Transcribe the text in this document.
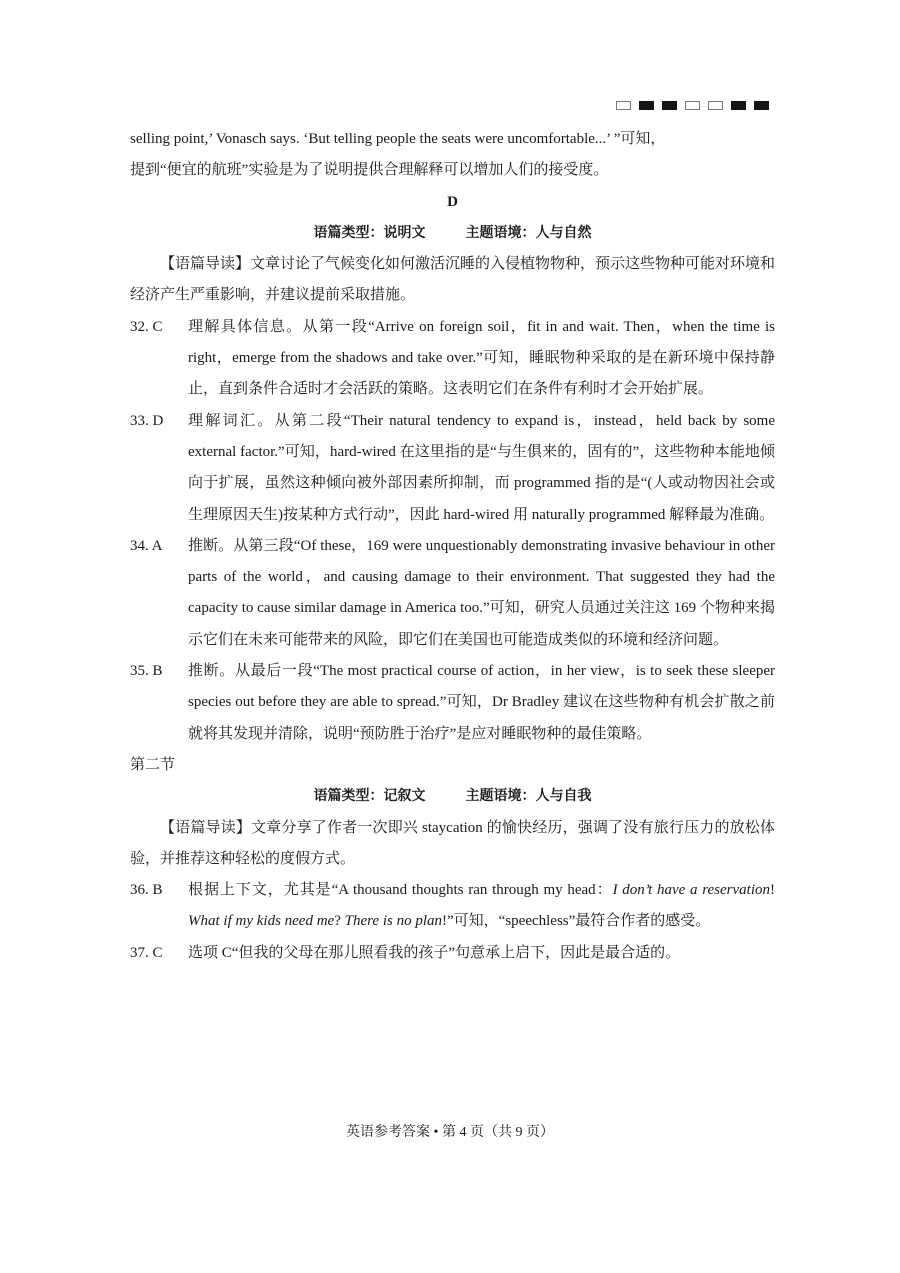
selling point,’ Vonasch says. ‘But telling people the seats were uncomfortable...’ ”可知，

提到“便宜的航班”实验是为了说明提供合理解释可以增加人们的接受度。

D

语篇类型：说明文	主题语境：人与自然

【语篇导读】文章讨论了气候变化如何激活沉睡的入侵植物物种，预示这些物种可能对环境和经济产生严重影响，并建议提前采取措施。

32. C	理解具体信息。从第一段“Arrive on foreign soil，fit in and wait. Then，when the time is right，emerge from the shadows and take over.”可知，睡眠物种采取的是在新环境中保持静止，直到条件合适时才会活跃的策略。这表明它们在条件有利时才会开始扩展。
33. D	理解词汇。从第二段“Their natural tendency to expand is，instead，held back by some external factor.”可知，hard-wired 在这里指的是“与生俱来的，固有的”，这些物种本能地倾向于扩展，虽然这种倾向被外部因素所抑制，而 programmed 指的是“(人或动物因社会或生理原因天生)按某种方式行动”，因此 hard-wired 用 naturally programmed 解释最为准确。
34. A	推断。从第三段“Of these，169 were unquestionably demonstrating invasive behaviour in other parts of the world，and causing damage to their environment. That suggested they had the capacity to cause similar damage in America too.”可知，研究人员通过关注这 169 个物种来揭示它们在未来可能带来的风险，即它们在美国也可能造成类似的环境和经济问题。
35. B	推断。从最后一段“The most practical course of action，in her view，is to seek these sleeper species out before they are able to spread.”可知，Dr Bradley 建议在这些物种有机会扩散之前就将其发现并清除，说明“预防胜于治疗”是应对睡眠物种的最佳策略。

第二节

语篇类型：记叙文	主题语境：人与自我

【语篇导读】文章分享了作者一次即兴 staycation 的愉快经历，强调了没有旅行压力的放松体验，并推荐这种轻松的度假方式。

36. B	根据上下文，尤其是“A thousand thoughts ran through my head：I don’t have a reservation! What if my kids need me? There is no plan!”可知，“speechless”最符合作者的感受。
37. C	选项 C“但我的父母在那儿照看我的孩子”句意承上启下，因此是最合适的。
英语参考答案 • 第 4 页（共 9 页）
